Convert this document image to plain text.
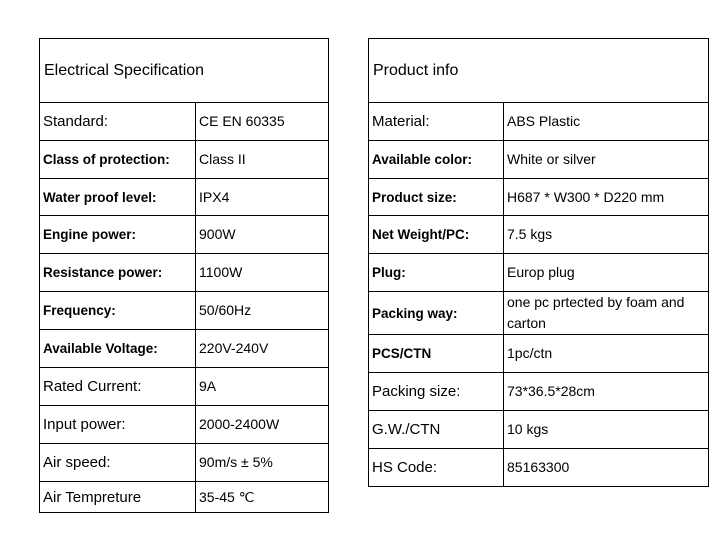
Electrical Specification	
Standard:	CE EN 60335
Class of protection:	Class II
Water proof level:	IPX4
Engine power:	900W
Resistance power:	1100W
Frequency:	50/60Hz
Available Voltage:	220V-240V
Rated Current:	9A
Input power:	2000-2400W
Air speed:	90m/s ± 5%
Air Tempreture	35-45 ℃
Product info	
Material:	ABS Plastic
Available color:	White or silver
Product size:	H687 * W300 * D220 mm
Net Weight/PC:	7.5 kgs
Plug:	Europ plug
Packing way:	one pc prtected by foam and carton
PCS/CTN	1pc/ctn
Packing size:	73*36.5*28cm
G.W./CTN	10 kgs
HS Code:	85163300
